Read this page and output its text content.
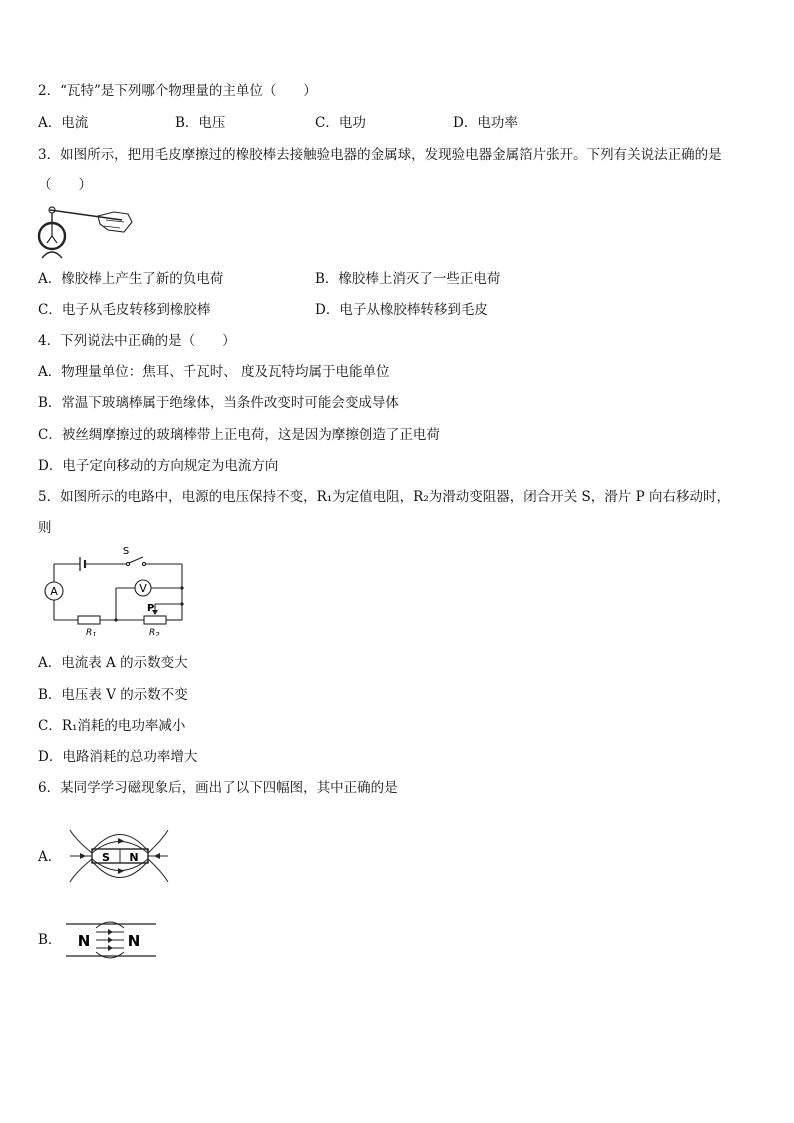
2．“瓦特”是下列哪个物理量的主单位（　　）
A．电流	B．电压	C．电功	D．电功率
3．如图所示，把用毛皮摩擦过的橡胶棒去接触验电器的金属球，发现验电器金属箔片张开。下列有关说法正确的是
（　　）
A．橡胶棒上产生了新的负电荷	B．橡胶棒上消灭了一些正电荷
C．电子从毛皮转移到橡胶棒	D．电子从橡胶棒转移到毛皮
4．下列说法中正确的是（　　）
A．物理量单位：焦耳、千瓦时、 度及瓦特均属于电能单位
B．常温下玻璃棒属于绝缘体，当条件改变时可能会变成导体
C．被丝绸摩擦过的玻璃棒带上正电荷，这是因为摩擦创造了正电荷
D．电子定向移动的方向规定为电流方向
5．如图所示的电路中，电源的电压保持不变，R₁为定值电阻，R₂为滑动变阻器，闭合开关 S，滑片 P 向右移动时，
则
A	V
S
P
$R_1$	$R_2$
A．电流表 A 的示数变大
B．电压表 V 的示数不变
C．R₁消耗的电功率减小
D．电路消耗的总功率增大
6．某同学学习磁现象后，画出了以下四幅图，其中正确的是
A．	S N
B． N N
